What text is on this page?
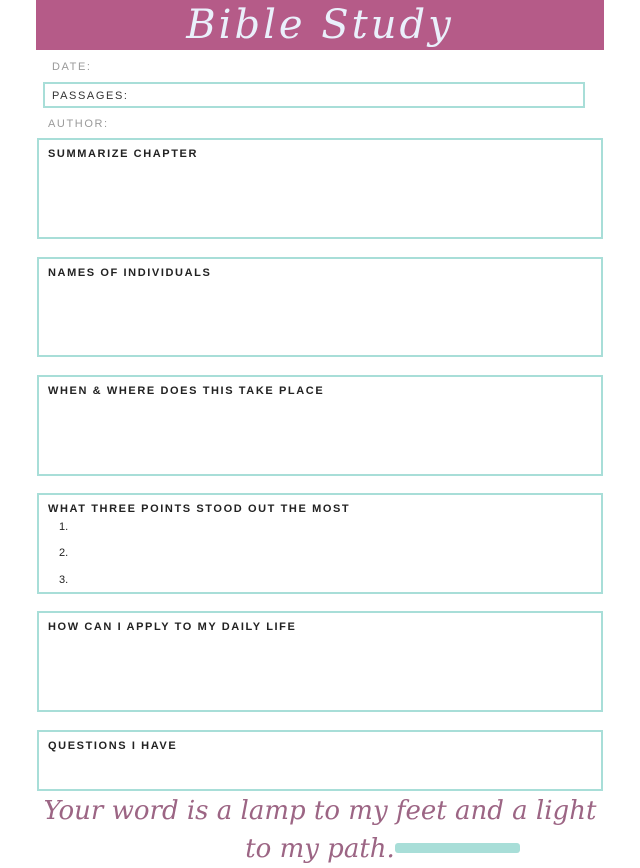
Bible Study
DATE:
PASSAGES:
AUTHOR:
SUMMARIZE CHAPTER
NAMES OF INDIVIDUALS
WHEN & WHERE DOES THIS TAKE PLACE
WHAT THREE POINTS STOOD OUT THE MOST
1.
2.
3.
HOW CAN I APPLY TO MY DAILY LIFE
QUESTIONS I HAVE
Your word is a lamp to my feet and a light
to my path.
